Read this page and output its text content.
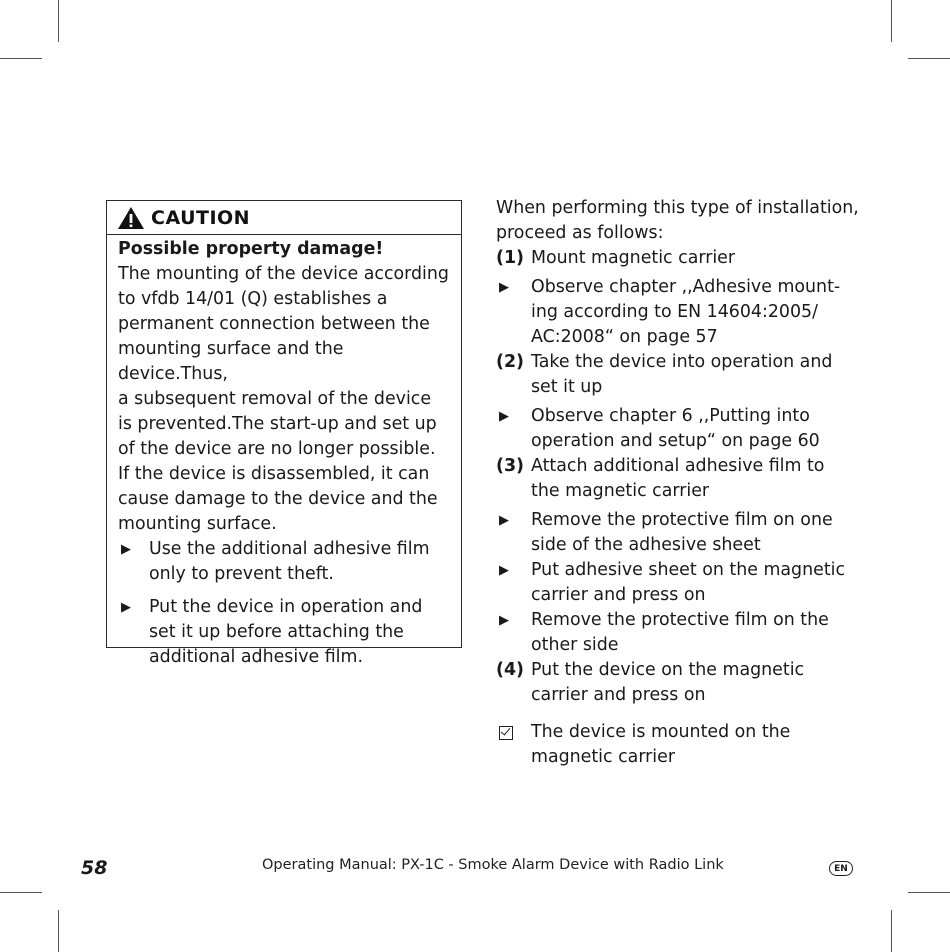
CAUTION
Possible property damage!
The mounting of the device according
to vfdb 14/01 (Q) establishes a
permanent connection between the
mounting surface and the device.Thus,
a subsequent removal of the device
is prevented.The start-up and set up
of the device are no longer possible.
If the device is disassembled, it can
cause damage to the device and the
mounting surface.
▶	Use the additional adhesive film
only to prevent theft.
▶	Put the device in operation and
set it up before attaching the
additional adhesive film.
When performing this type of installation,
proceed as follows:
(1) Mount magnetic carrier
▶	Observe chapter ,,Adhesive mount-
ing according to EN 14604:2005/
AC:2008“ on page 57
(2) Take the device into operation and
set it up
▶	Observe chapter 6 ,,Putting into
operation and setup“ on page 60
(3) Attach additional adhesive film to
the magnetic carrier
▶	Remove the protective film on one
side of the adhesive sheet
▶	Put adhesive sheet on the magnetic
carrier and press on
▶	Remove the protective film on the
other side
(4) Put the device on the magnetic
carrier and press on
The device is mounted on the
magnetic carrier
58	Operating Manual: PX-1C - Smoke Alarm Device with Radio Link	EN
